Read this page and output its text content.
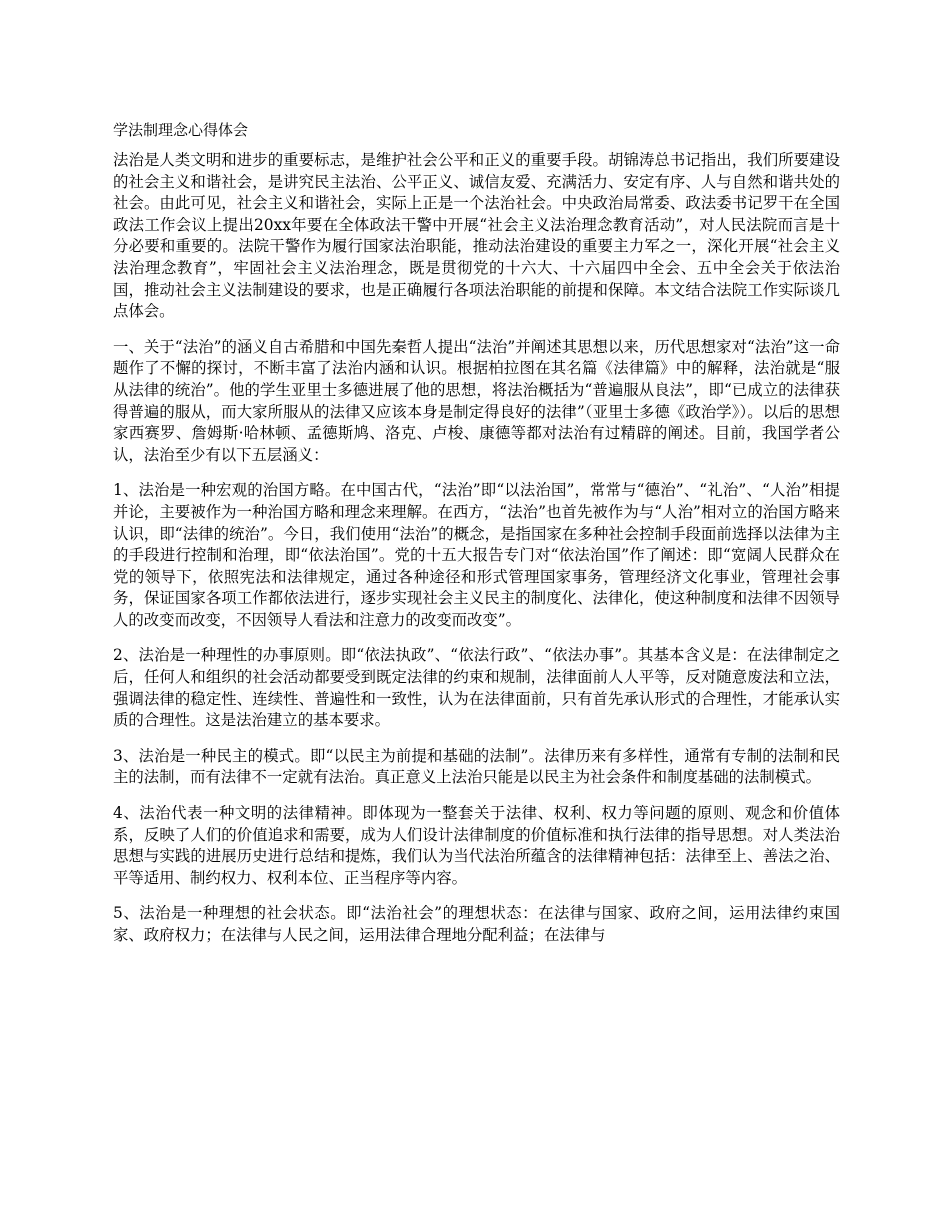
学法制理念心得体会

法治是人类文明和进步的重要标志，是维护社会公平和正义的重要手段。胡锦涛总书记指出，我们所要建设的社会主义和谐社会，是讲究民主法治、公平正义、诚信友爱、充满活力、安定有序、人与自然和谐共处的社会。由此可见，社会主义和谐社会，实际上正是一个法治社会。中央政治局常委、政法委书记罗干在全国政法工作会议上提出20xx年要在全体政法干警中开展“社会主义法治理念教育活动”，对人民法院而言是十分必要和重要的。法院干警作为履行国家法治职能，推动法治建设的重要主力军之一，深化开展“社会主义法治理念教育”，牢固社会主义法治理念，既是贯彻党的十六大、十六届四中全会、五中全会关于依法治国，推动社会主义法制建设的要求，也是正确履行各项法治职能的前提和保障。本文结合法院工作实际谈几点体会。

一、关于“法治”的涵义自古希腊和中国先秦哲人提出“法治”并阐述其思想以来，历代思想家对“法治”这一命题作了不懈的探讨，不断丰富了法治内涵和认识。根据柏拉图在其名篇《法律篇》中的解释，法治就是“服从法律的统治”。他的学生亚里士多德进展了他的思想，将法治概括为“普遍服从良法”，即“已成立的法律获得普遍的服从，而大家所服从的法律又应该本身是制定得良好的法律”（亚里士多德《政治学》）。以后的思想家西赛罗、詹姆斯·哈林顿、孟德斯鸠、洛克、卢梭、康德等都对法治有过精辟的阐述。目前，我国学者公认，法治至少有以下五层涵义：

1、法治是一种宏观的治国方略。在中国古代，“法治”即“以法治国”，常常与“德治”、“礼治”、“人治”相提并论，主要被作为一种治国方略和理念来理解。在西方，“法治”也首先被作为与“人治”相对立的治国方略来认识，即“法律的统治”。今日，我们使用“法治”的概念，是指国家在多种社会控制手段面前选择以法律为主的手段进行控制和治理，即“依法治国”。党的十五大报告专门对“依法治国”作了阐述：即“宽阔人民群众在党的领导下，依照宪法和法律规定，通过各种途径和形式管理国家事务，管理经济文化事业，管理社会事务，保证国家各项工作都依法进行，逐步实现社会主义民主的制度化、法律化，使这种制度和法律不因领导人的改变而改变，不因领导人看法和注意力的改变而改变”。

2、法治是一种理性的办事原则。即“依法执政”、“依法行政”、“依法办事”。其基本含义是：在法律制定之后，任何人和组织的社会活动都要受到既定法律的约束和规制，法律面前人人平等，反对随意废法和立法，强调法律的稳定性、连续性、普遍性和一致性，认为在法律面前，只有首先承认形式的合理性，才能承认实质的合理性。这是法治建立的基本要求。

3、法治是一种民主的模式。即“以民主为前提和基础的法制”。法律历来有多样性，通常有专制的法制和民主的法制，而有法律不一定就有法治。真正意义上法治只能是以民主为社会条件和制度基础的法制模式。

4、法治代表一种文明的法律精神。即体现为一整套关于法律、权利、权力等问题的原则、观念和价值体系，反映了人们的价值追求和需要，成为人们设计法律制度的价值标准和执行法律的指导思想。对人类法治思想与实践的进展历史进行总结和提炼，我们认为当代法治所蕴含的法律精神包括：法律至上、善法之治、平等适用、制约权力、权利本位、正当程序等内容。

5、法治是一种理想的社会状态。即“法治社会”的理想状态：在法律与国家、政府之间，运用法律约束国家、政府权力；在法律与人民之间，运用法律合理地分配利益；在法律与
